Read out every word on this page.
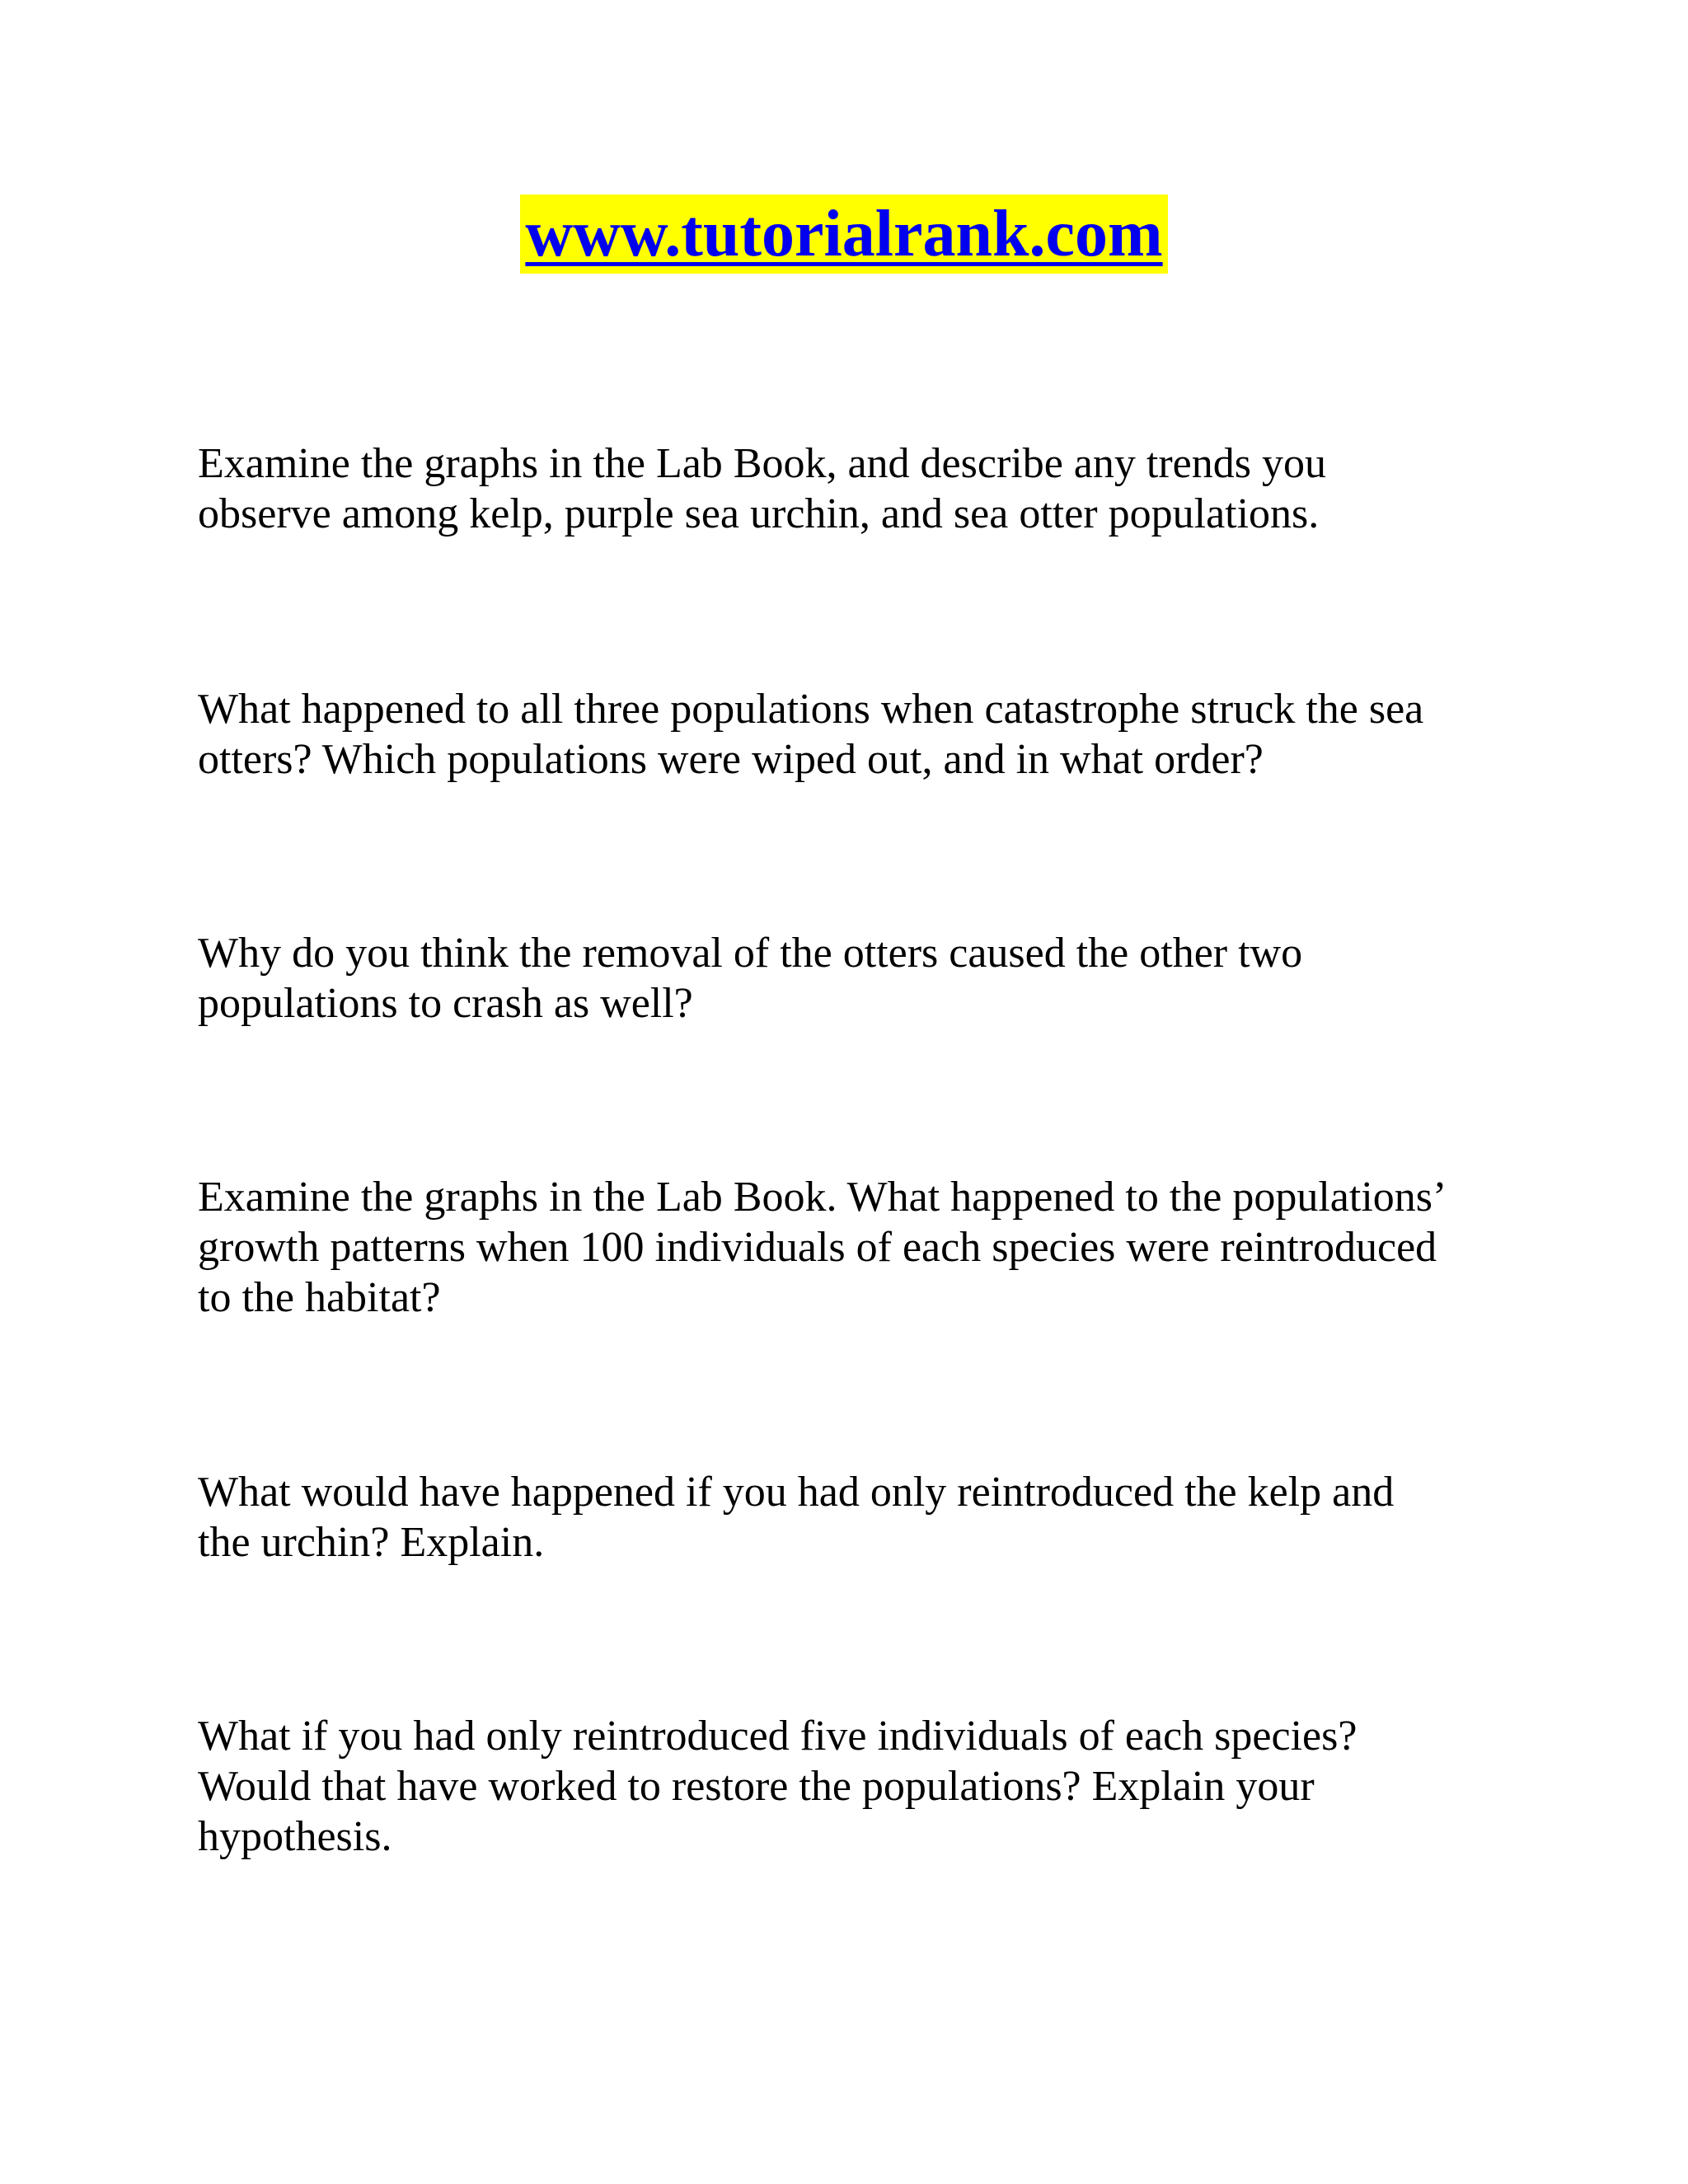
www.tutorialrank.com

Examine the graphs in the Lab Book, and describe any trends you
observe among kelp, purple sea urchin, and sea otter populations.

What happened to all three populations when catastrophe struck the sea
otters? Which populations were wiped out, and in what order?

Why do you think the removal of the otters caused the other two
populations to crash as well?

Examine the graphs in the Lab Book. What happened to the populations’
growth patterns when 100 individuals of each species were reintroduced
to the habitat?

What would have happened if you had only reintroduced the kelp and
the urchin? Explain.

What if you had only reintroduced five individuals of each species?
Would that have worked to restore the populations? Explain your
hypothesis.
